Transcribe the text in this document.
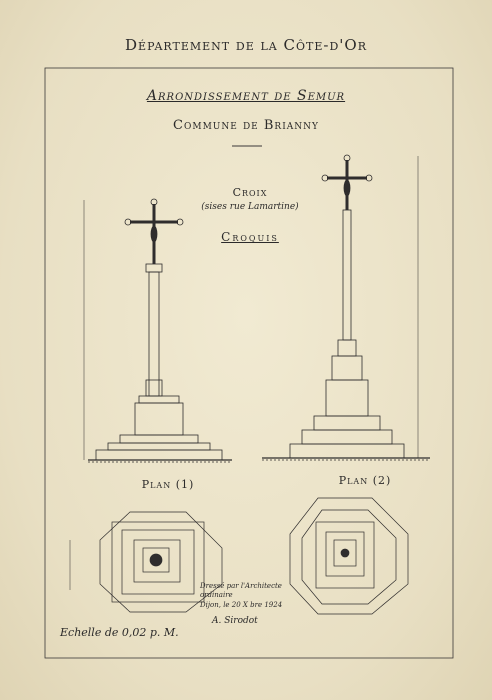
Département de la Côte-d'Or
Arrondissement de Semur
Commune de Brianny
Croix
(sises rue Lamartine)
Croquis
Plan (1)	Plan (2)
Dressé par l'Architecte
ordinaire
Dijon, le 20 X bre 1924
A. Sirodot
Echelle de 0,02 p. M.
